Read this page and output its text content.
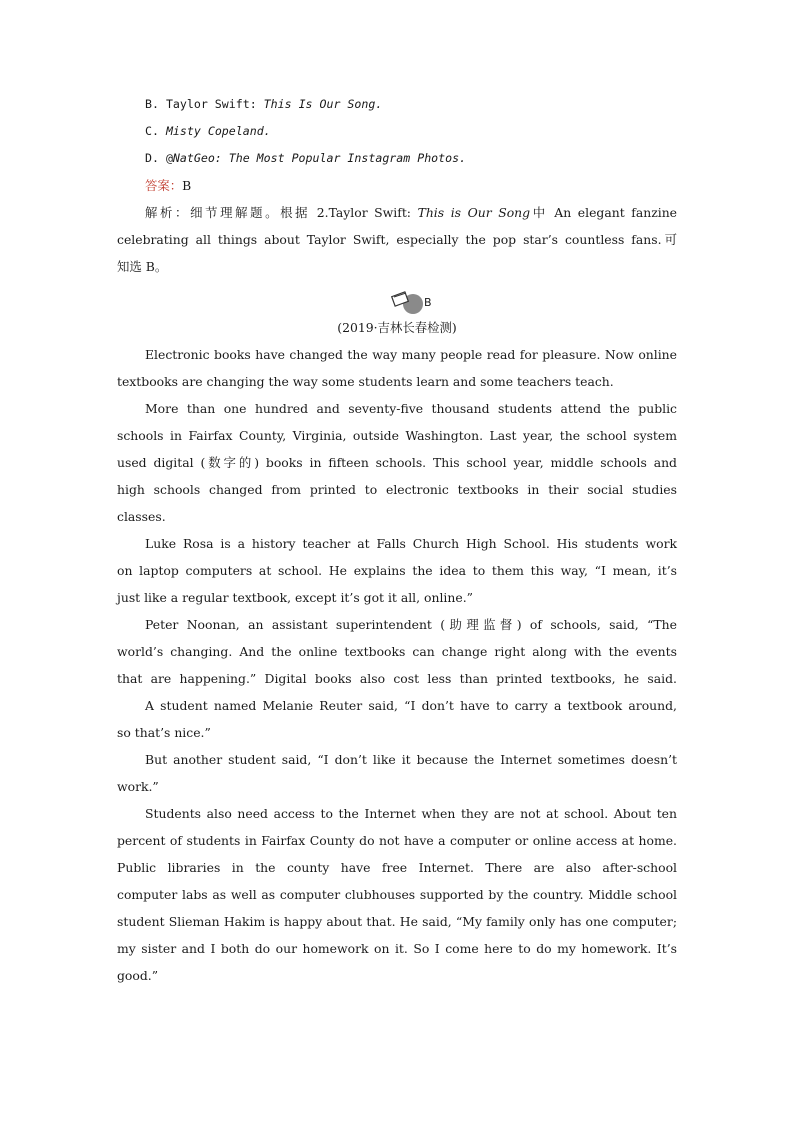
B. Taylor Swift: This Is Our Song.
C. Misty Copeland.
D. @NatGeo: The Most Popular Instagram Photos.
答案：B
解析：细节理解题。根据 2.Taylor Swift: This is Our Song中 An elegant fanzine
celebrating all things about Taylor Swift, especially the pop star’s countless fans.可
知选 B。
B
(2019·吉林长春检测)
Electronic books have changed the way many people read for pleasure. Now online
textbooks are changing the way some students learn and some teachers teach.
More than one hundred and seventy-five thousand students attend the public
schools in Fairfax County, Virginia, outside Washington. Last year, the school system
used digital (数字的) books in fifteen schools. This school year, middle schools and
high schools changed from printed to electronic textbooks in their social studies
classes.
Luke Rosa is a history teacher at Falls Church High School. His students work
on laptop computers at school. He explains the idea to them this way, “I mean, it’s
just like a regular textbook, except it’s got it all, online.”
Peter Noonan, an assistant superintendent (助理监督) of schools, said, “The
world’s changing. And the online textbooks can change right along with the events
that are happening.” Digital books also cost less than printed textbooks, he said.
A student named Melanie Reuter said, “I don’t have to carry a textbook around,
so that’s nice.”
But another student said, “I don’t like it because the Internet sometimes doesn’t
work.”
Students also need access to the Internet when they are not at school. About ten
percent of students in Fairfax County do not have a computer or online access at home.
Public libraries in the county have free Internet. There are also after-school
computer labs as well as computer clubhouses supported by the country. Middle school
student Slieman Hakim is happy about that. He said, “My family only has one computer;
my sister and I both do our homework on it. So I come here to do my homework. It’s
good.”
